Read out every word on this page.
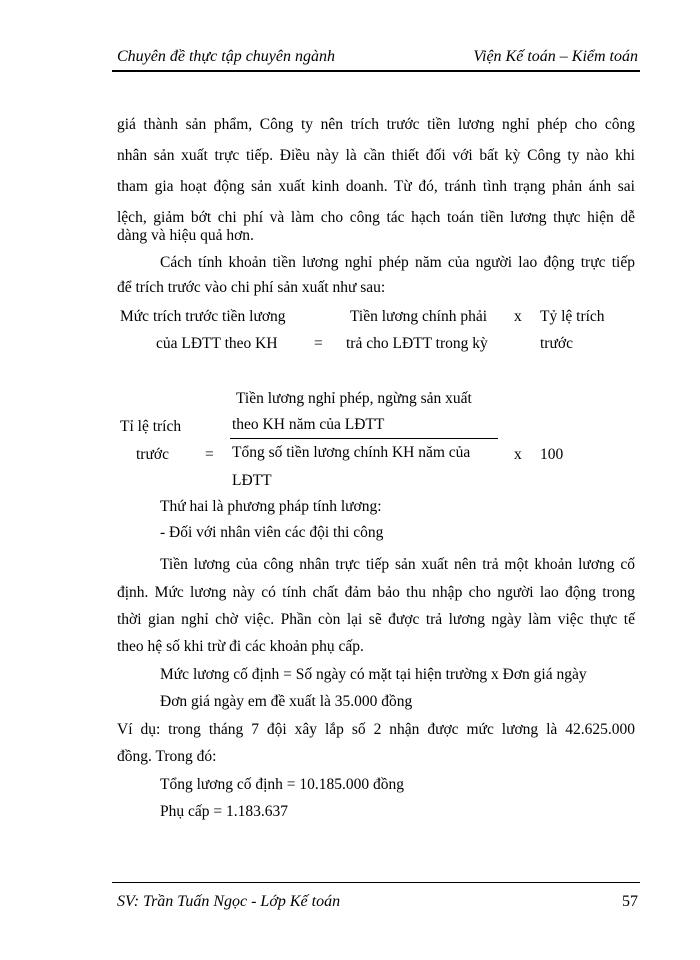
Chuyên đề thực tập chuyên ngành	Viện Kế toán – Kiểm toán
giá thành sản phẩm, Công ty nên trích trước tiền lương nghỉ phép cho công
nhân sản xuất trực tiếp. Điều này là cần thiết đối với bất kỳ Công ty nào khi
tham gia hoạt động sản xuất kinh doanh. Từ đó, tránh tình trạng phản ánh sai
lệch, giảm bớt chi phí và làm cho công tác hạch toán tiền lương thực hiện dễ
dàng và hiệu quả hơn.
Cách tính khoản tiền lương nghỉ phép năm của người lao động trực tiếp
để trích trước vào chi phí sản xuất như sau:
Mức trích trước tiền lương
của LĐTT theo KH =
Tiền lương chính phải
trả cho LĐTT trong kỳ
x Tỷ lệ trích
trước
Tỉ lệ trích
trước =
Tiền lương nghỉ phép, ngừng sản xuất
theo KH năm của LĐTT
Tổng số tiền lương chính KH năm của
LĐTT
x 100
Thứ hai là phương pháp tính lương:
- Đối với nhân viên các đội thi công
Tiền lương của công nhân trực tiếp sản xuất nên trả một khoản lương cố
định. Mức lương này có tính chất đảm bảo thu nhập cho người lao động trong
thời gian nghỉ chờ việc. Phần còn lại sẽ được trả lương ngày làm việc thực tế
theo hệ số khi trừ đi các khoản phụ cấp.
Mức lương cố định = Số ngày có mặt tại hiện trường x Đơn giá ngày
Đơn giá ngày em đề xuất là 35.000 đồng
Ví dụ: trong tháng 7 đội xây lắp số 2 nhận được mức lương là 42.625.000
đồng. Trong đó:
Tổng lương cố định = 10.185.000 đồng
Phụ cấp = 1.183.637
SV: Trần Tuấn Ngọc - Lớp Kế toán	57
